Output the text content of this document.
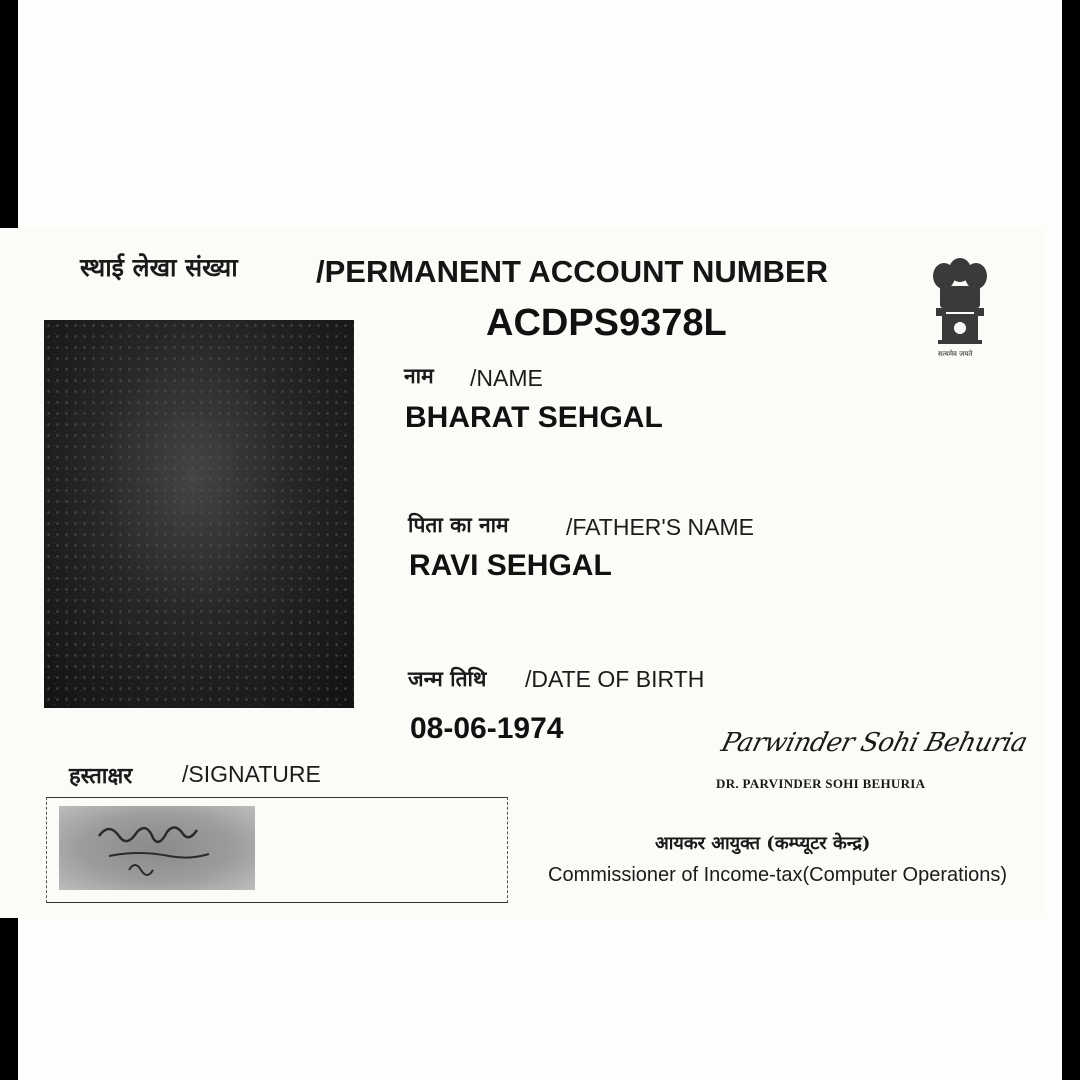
स्थाई लेखा संख्या	/PERMANENT ACCOUNT NUMBER
ACDPS9378L
सत्यमेव जयते
नाम /NAME
BHARAT SEHGAL
पिता का नाम /FATHER'S NAME
RAVI SEHGAL
जन्म तिथि /DATE OF BIRTH
08-06-1974
हस्ताक्षर /SIGNATURE
Parwinder Sohi Behuria
DR. PARVINDER SOHI BEHURIA
आयकर आयुक्त (कम्प्यूटर केन्द्र)
Commissioner of Income-tax(Computer Operations)
